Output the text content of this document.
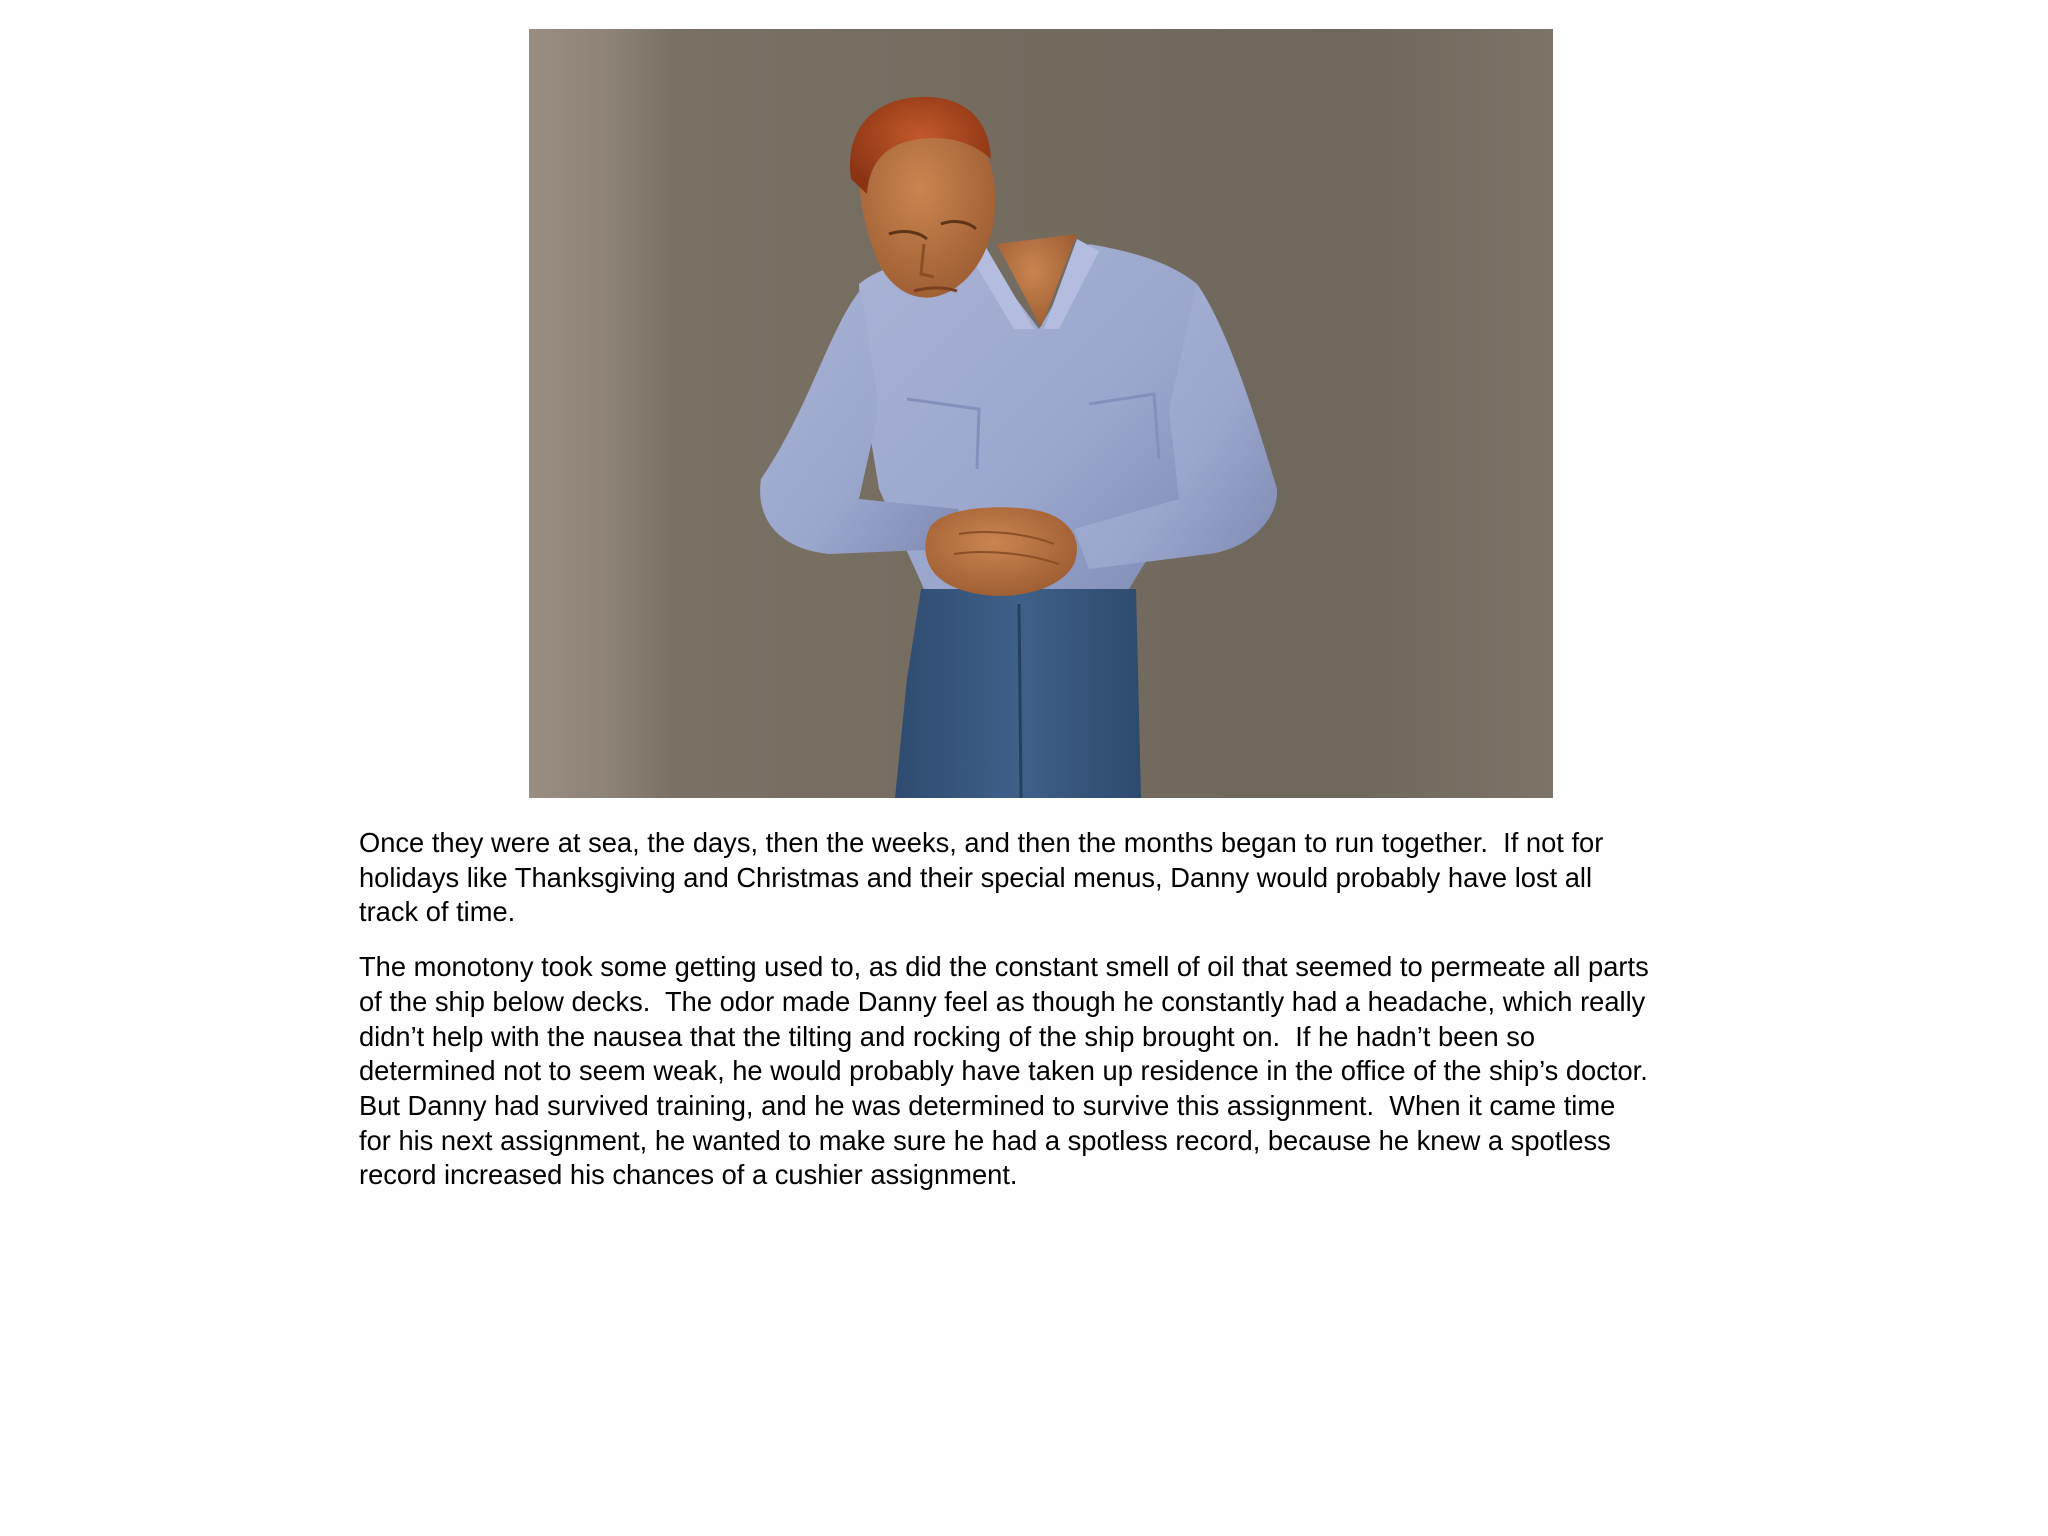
Once they were at sea, the days, then the weeks, and then the months began to run together.  If not for
holidays like Thanksgiving and Christmas and their special menus, Danny would probably have lost all
track of time.

The monotony took some getting used to, as did the constant smell of oil that seemed to permeate all parts
of the ship below decks.  The odor made Danny feel as though he constantly had a headache, which really
didn’t help with the nausea that the tilting and rocking of the ship brought on.  If he hadn’t been so
determined not to seem weak, he would probably have taken up residence in the office of the ship’s doctor.
But Danny had survived training, and he was determined to survive this assignment.  When it came time
for his next assignment, he wanted to make sure he had a spotless record, because he knew a spotless
record increased his chances of a cushier assignment.
